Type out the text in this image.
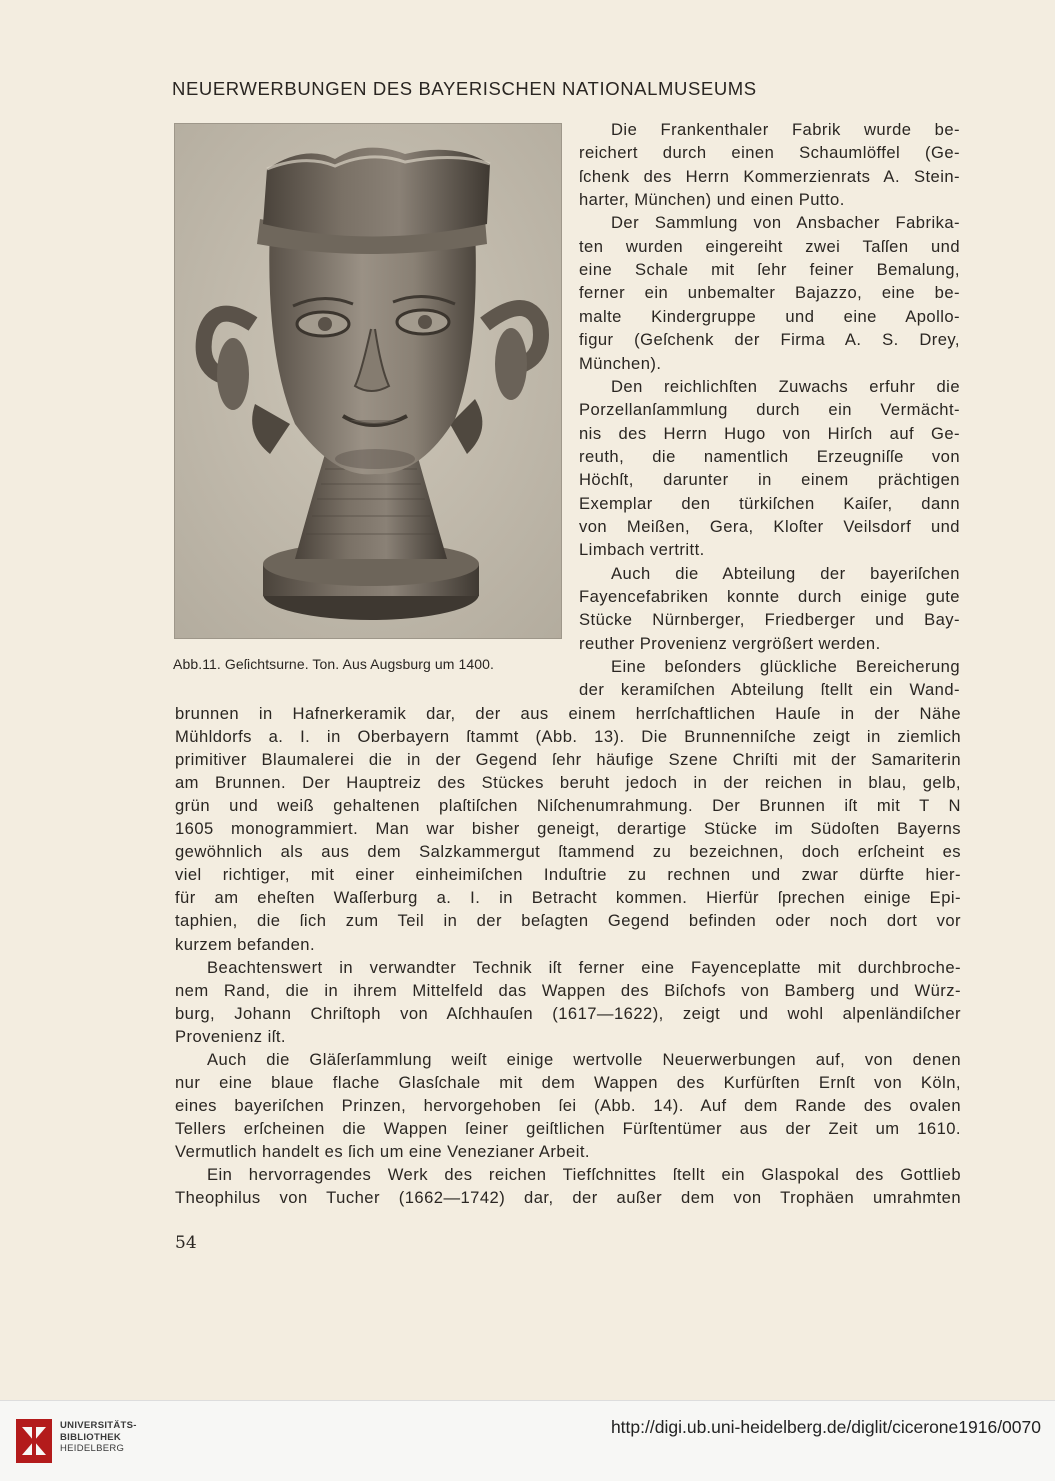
NEUERWERBUNGEN DES BAYERISCHEN NATIONALMUSEUMS
Abb.11. Geſichtsurne. Ton. Aus Augsburg um 1400.
Die Frankenthaler Fabrik wurde be-
reichert durch einen Schaumlöffel (Ge-
ſchenk des Herrn Kommerzienrats A. Stein-
harter, München) und einen Putto.
Der Sammlung von Ansbacher Fabrika-
ten wurden eingereiht zwei Taſſen und
eine Schale mit ſehr feiner Bemalung,
ferner ein unbemalter Bajazzo, eine be-
malte Kindergruppe und eine Apollo-
figur (Geſchenk der Firma A. S. Drey,
München).
Den reichlichſten Zuwachs erfuhr die
Porzellanſammlung durch ein Vermächt-
nis des Herrn Hugo von Hirſch auf Ge-
reuth, die namentlich Erzeugniſſe von
Höchſt, darunter in einem prächtigen
Exemplar den türkiſchen Kaiſer, dann
von Meißen, Gera, Kloſter Veilsdorf und
Limbach vertritt.
Auch die Abteilung der bayeriſchen
Fayencefabriken konnte durch einige gute
Stücke Nürnberger, Friedberger und Bay-
reuther Provenienz vergrößert werden.
Eine beſonders glückliche Bereicherung
der keramiſchen Abteilung ſtellt ein Wand-
brunnen in Hafnerkeramik dar, der aus einem herrſchaftlichen Hauſe in der Nähe
Mühldorfs a. I. in Oberbayern ſtammt (Abb. 13). Die Brunnenniſche zeigt in ziemlich
primitiver Blaumalerei die in der Gegend ſehr häufige Szene Chriſti mit der Samariterin
am Brunnen. Der Hauptreiz des Stückes beruht jedoch in der reichen in blau, gelb,
grün und weiß gehaltenen plaſtiſchen Niſchenumrahmung. Der Brunnen iſt mit T N
1605 monogrammiert. Man war bisher geneigt, derartige Stücke im Südoſten Bayerns
gewöhnlich als aus dem Salzkammergut ſtammend zu bezeichnen, doch erſcheint es
viel richtiger, mit einer einheimiſchen Induſtrie zu rechnen und zwar dürfte hier-
für am eheſten Waſſerburg a. I. in Betracht kommen. Hierfür ſprechen einige Epi-
taphien, die ſich zum Teil in der beſagten Gegend befinden oder noch dort vor
kurzem befanden.
Beachtenswert in verwandter Technik iſt ferner eine Fayenceplatte mit durchbroche-
nem Rand, die in ihrem Mittelfeld das Wappen des Biſchofs von Bamberg und Würz-
burg, Johann Chriſtoph von Aſchhauſen (1617—1622), zeigt und wohl alpenländiſcher
Provenienz iſt.
Auch die Gläſerſammlung weiſt einige wertvolle Neuerwerbungen auf, von denen
nur eine blaue flache Glasſchale mit dem Wappen des Kurfürſten Ernſt von Köln,
eines bayeriſchen Prinzen, hervorgehoben ſei (Abb. 14). Auf dem Rande des ovalen
Tellers erſcheinen die Wappen ſeiner geiſtlichen Fürſtentümer aus der Zeit um 1610.
Vermutlich handelt es ſich um eine Venezianer Arbeit.
Ein hervorragendes Werk des reichen Tiefſchnittes ſtellt ein Glaspokal des Gottlieb
Theophilus von Tucher (1662—1742) dar, der außer dem von Trophäen umrahmten
54
UNIVERSITÄTS-
BIBLIOTHEK
HEIDELBERG
http://digi.ub.uni-heidelberg.de/diglit/cicerone1916/0070
